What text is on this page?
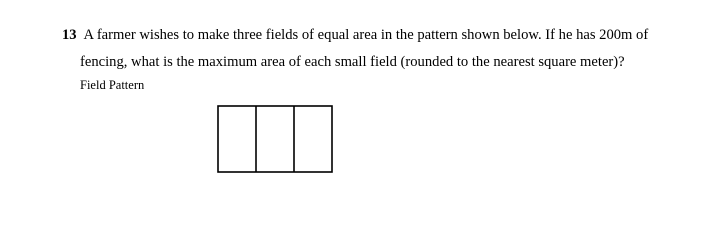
13 A farmer wishes to make three fields of equal area in the pattern shown below. If he has 200m of
fencing, what is the maximum area of each small field (rounded to the nearest square meter)?
Field Pattern
